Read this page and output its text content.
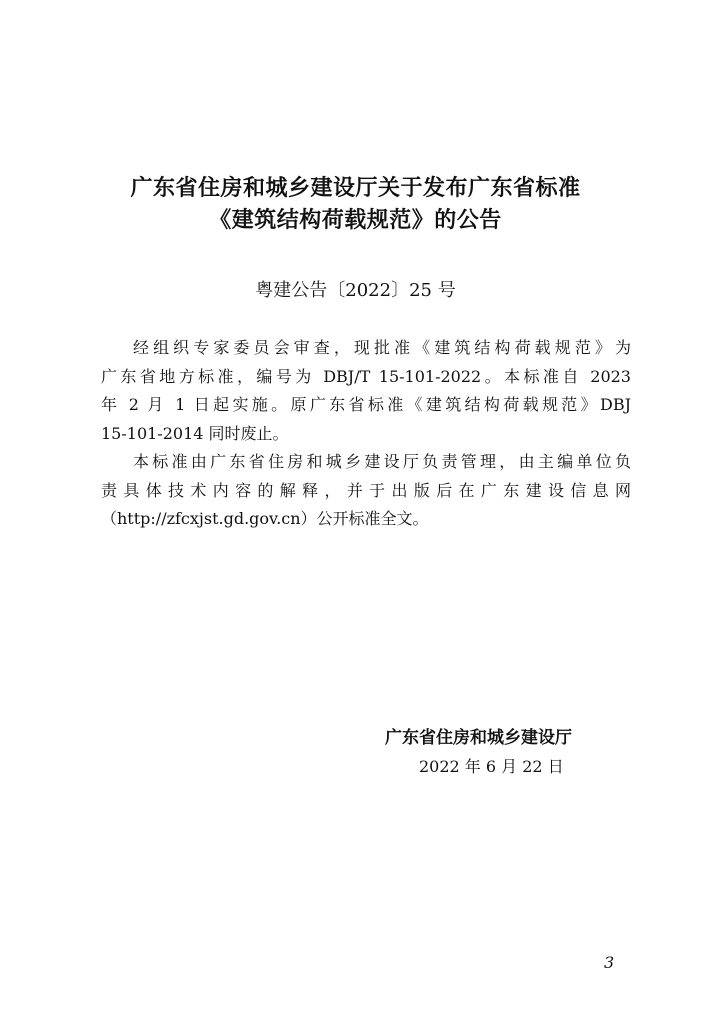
广东省住房和城乡建设厅关于发布广东省标准
《建筑结构荷载规范》的公告
粤建公告〔2022〕25 号
经组织专家委员会审查，现批准《建筑结构荷载规范》为
广东省地方标准，编号为 DBJ/T 15-101-2022。本标准自 2023
年 2 月 1 日起实施。原广东省标准《建筑结构荷载规范》DBJ
15-101-2014 同时废止。
本标准由广东省住房和城乡建设厅负责管理，由主编单位负
责具体技术内容的解释，并于出版后在广东建设信息网
（http://zfcxjst.gd.gov.cn）公开标准全文。
广东省住房和城乡建设厅
2022 年 6 月 22 日
3
